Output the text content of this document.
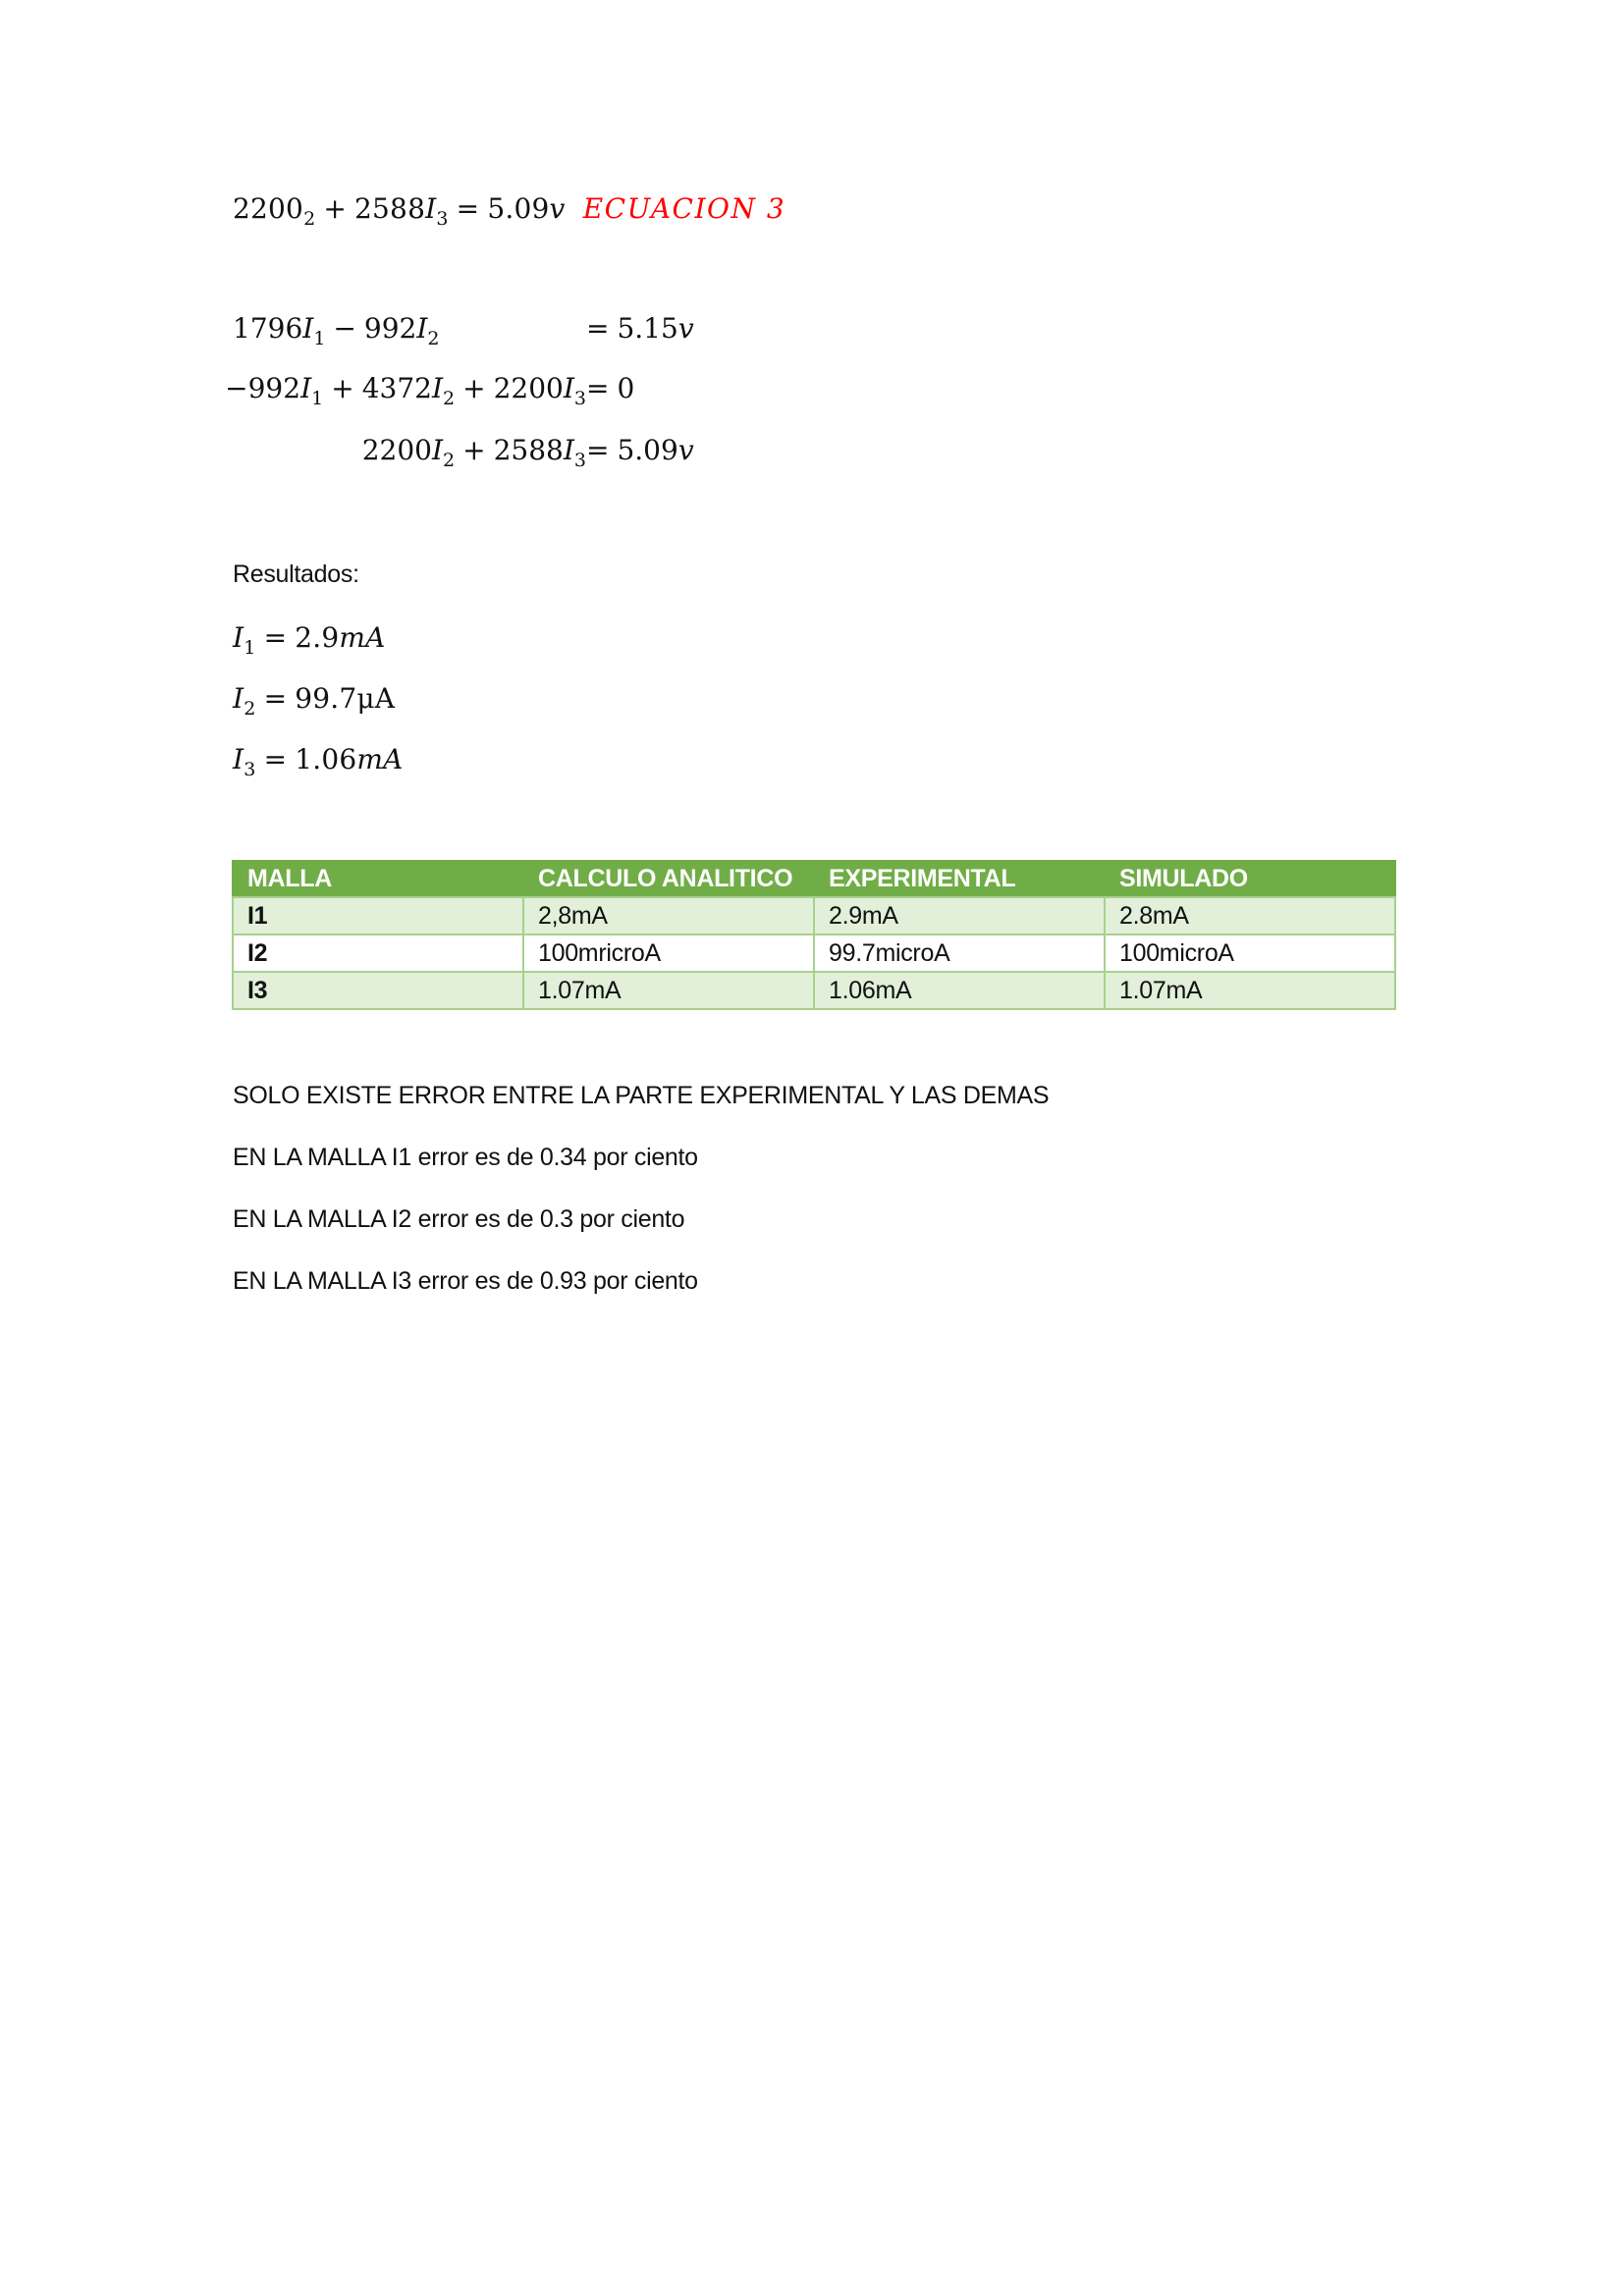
$2200_2 + 2588I_3 = 5.09v$ ECUACION 3
$1796I_1 - 992I_2$	= 5.15v
$-992I_1 + 4372I_2 + 2200I_3 = 0$
$2200I_2 + 2588I_3 = 5.09v$
Resultados:
$I_1 = 2.9mA$
$I_2 = 99.7\mu A$
$I_3 = 1.06mA$
MALLA	CALCULO ANALITICO	EXPERIMENTAL	SIMULADO
I1	2,8mA	2.9mA	2.8mA
I2	100mricroA	99.7microA	100microA
I3	1.07mA	1.06mA	1.07mA
SOLO EXISTE ERROR ENTRE LA PARTE EXPERIMENTAL Y LAS DEMAS
EN LA MALLA I1 error es de 0.34 por ciento
EN LA MALLA I2 error es de 0.3 por ciento
EN LA MALLA I3 error es de 0.93 por ciento
